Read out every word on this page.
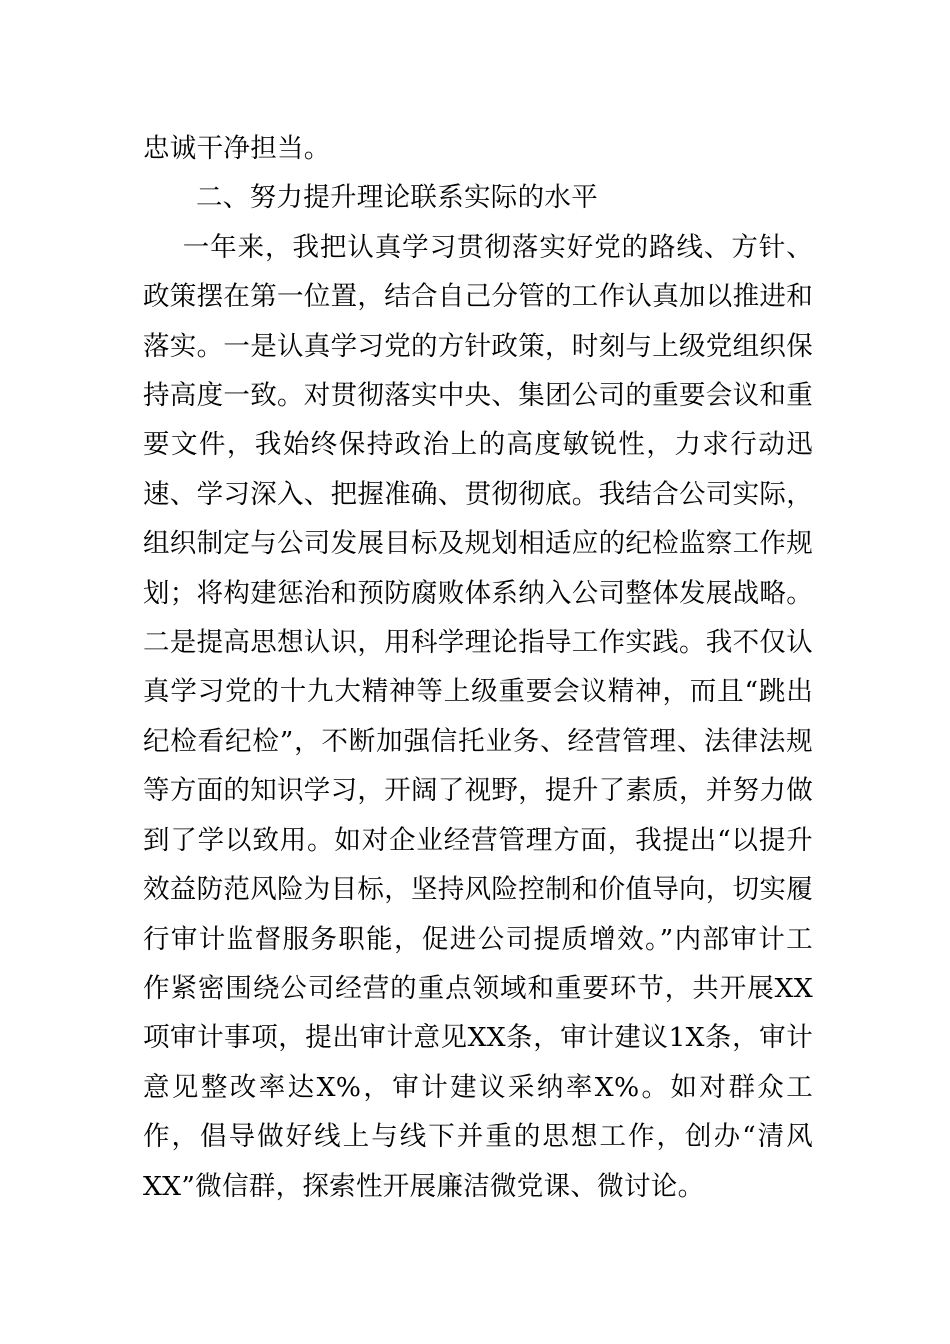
忠诚干净担当。

二、努力提升理论联系实际的水平

一年来，我把认真学习贯彻落实好党的路线、方针、政策摆在第一位置，结合自己分管的工作认真加以推进和落实。一是认真学习党的方针政策，时刻与上级党组织保持高度一致。对贯彻落实中央、集团公司的重要会议和重要文件，我始终保持政治上的高度敏锐性，力求行动迅速、学习深入、把握准确、贯彻彻底。我结合公司实际，组织制定与公司发展目标及规划相适应的纪检监察工作规划；将构建惩治和预防腐败体系纳入公司整体发展战略。二是提高思想认识，用科学理论指导工作实践。我不仅认真学习党的十九大精神等上级重要会议精神，而且“跳出纪检看纪检”，不断加强信托业务、经营管理、法律法规等方面的知识学习，开阔了视野，提升了素质，并努力做到了学以致用。如对企业经营管理方面，我提出“以提升效益防范风险为目标，坚持风险控制和价值导向，切实履行审计监督服务职能，促进公司提质增效。”内部审计工作紧密围绕公司经营的重点领域和重要环节，共开展XX项审计事项，提出审计意见XX条，审计建议1X条，审计意见整改率达X%，审计建议采纳率X%。如对群众工作，倡导做好线上与线下并重的思想工作，创办“清风XX”微信群，探索性开展廉洁微党课、微讨论。
